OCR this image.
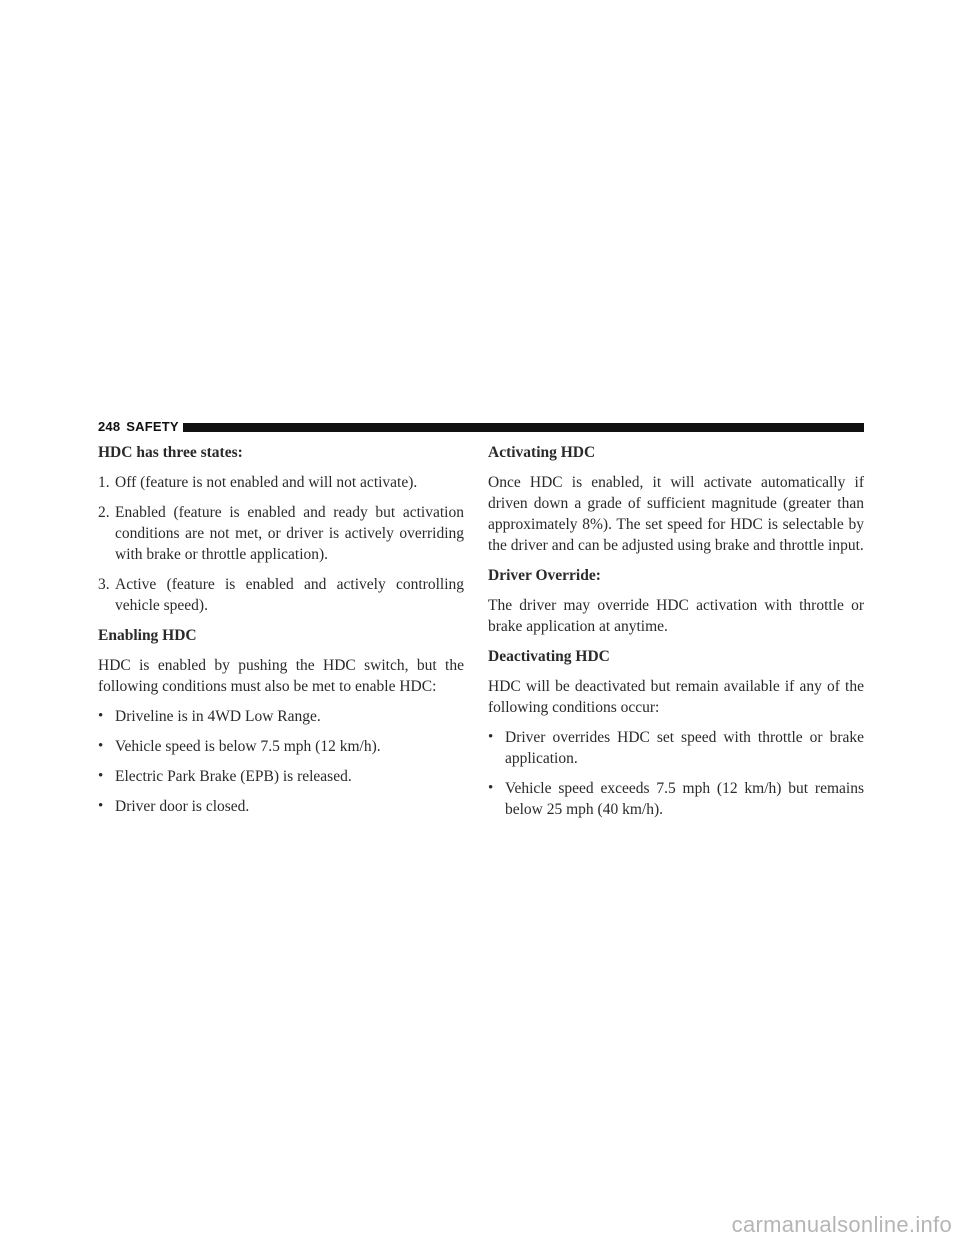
248 SAFETY
HDC has three states:
1. Off (feature is not enabled and will not activate).
2. Enabled (feature is enabled and ready but activation conditions are not met, or driver is actively overriding with brake or throttle application).
3. Active (feature is enabled and actively controlling vehicle speed).
Enabling HDC
HDC is enabled by pushing the HDC switch, but the following conditions must also be met to enable HDC:
• Driveline is in 4WD Low Range.
• Vehicle speed is below 7.5 mph (12 km/h).
• Electric Park Brake (EPB) is released.
• Driver door is closed.
Activating HDC
Once HDC is enabled, it will activate automatically if driven down a grade of sufficient magnitude (greater than approximately 8%). The set speed for HDC is selectable by the driver and can be adjusted using brake and throttle input.
Driver Override:
The driver may override HDC activation with throttle or brake application at anytime.
Deactivating HDC
HDC will be deactivated but remain available if any of the following conditions occur:
• Driver overrides HDC set speed with throttle or brake application.
• Vehicle speed exceeds 7.5 mph (12 km/h) but remains below 25 mph (40 km/h).
carmanualsonline.info
